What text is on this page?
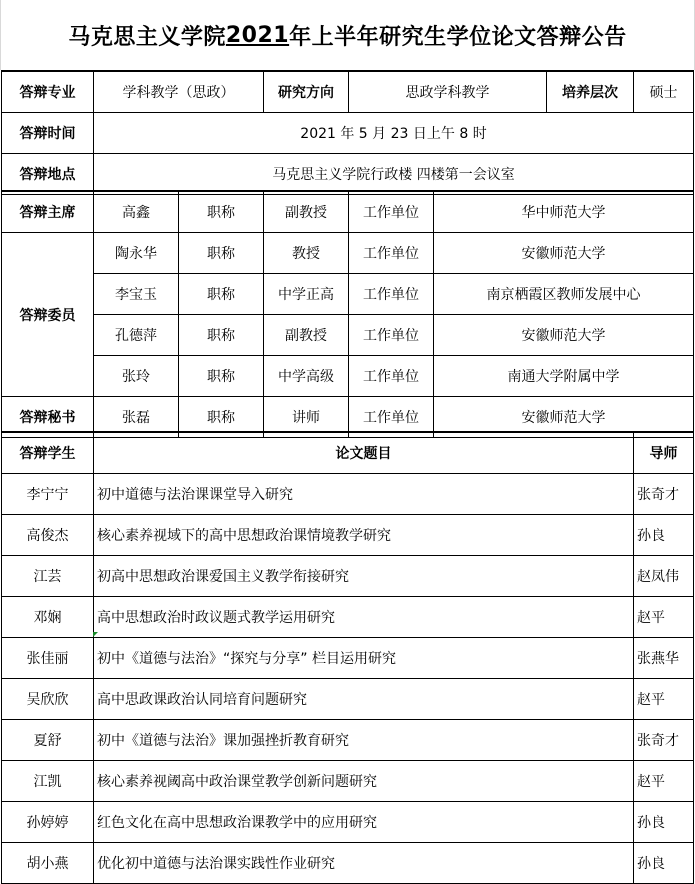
马克思主义学院 2021 年上半年研究生学位论文答辩公告
答辩专业	学科教学（思政）	研究方向	思政学科教学	培养层次	硕士
答辩时间	2021 年 5 月 23 日上午 8 时				
答辩地点	马克思主义学院行政楼 四楼第一会议室				
答辩主席	高鑫	职称	副教授	工作单位	华中师范大学
答辩委员	陶永华	职称	教授	工作单位	安徽师范大学
	李宝玉	职称	中学正高	工作单位	南京栖霞区教师发展中心
	孔德萍	职称	副教授	工作单位	安徽师范大学
	张玲	职称	中学高级	工作单位	南通大学附属中学
答辩秘书	张磊	职称	讲师	工作单位	安徽师范大学
答辩学生	论文题目	导师
李宁宁	初中道德与法治课课堂导入研究	张奇才
高俊杰	核心素养视域下的高中思想政治课情境教学研究	孙良
江芸	初高中思想政治课爱国主义教学衔接研究	赵凤伟
邓娴	高中思想政治时政议题式教学运用研究	赵平
张佳丽	初中《道德与法治》“探究与分享” 栏目运用研究	张燕华
吴欣欣	高中思政课政治认同培育问题研究	赵平
夏舒	初中《道德与法治》课加强挫折教育研究	张奇才
江凯	核心素养视阈高中政治课堂教学创新问题研究	赵平
孙婷婷	红色文化在高中思想政治课教学中的应用研究	孙良
胡小燕	优化初中道德与法治课实践性作业研究	孙良
